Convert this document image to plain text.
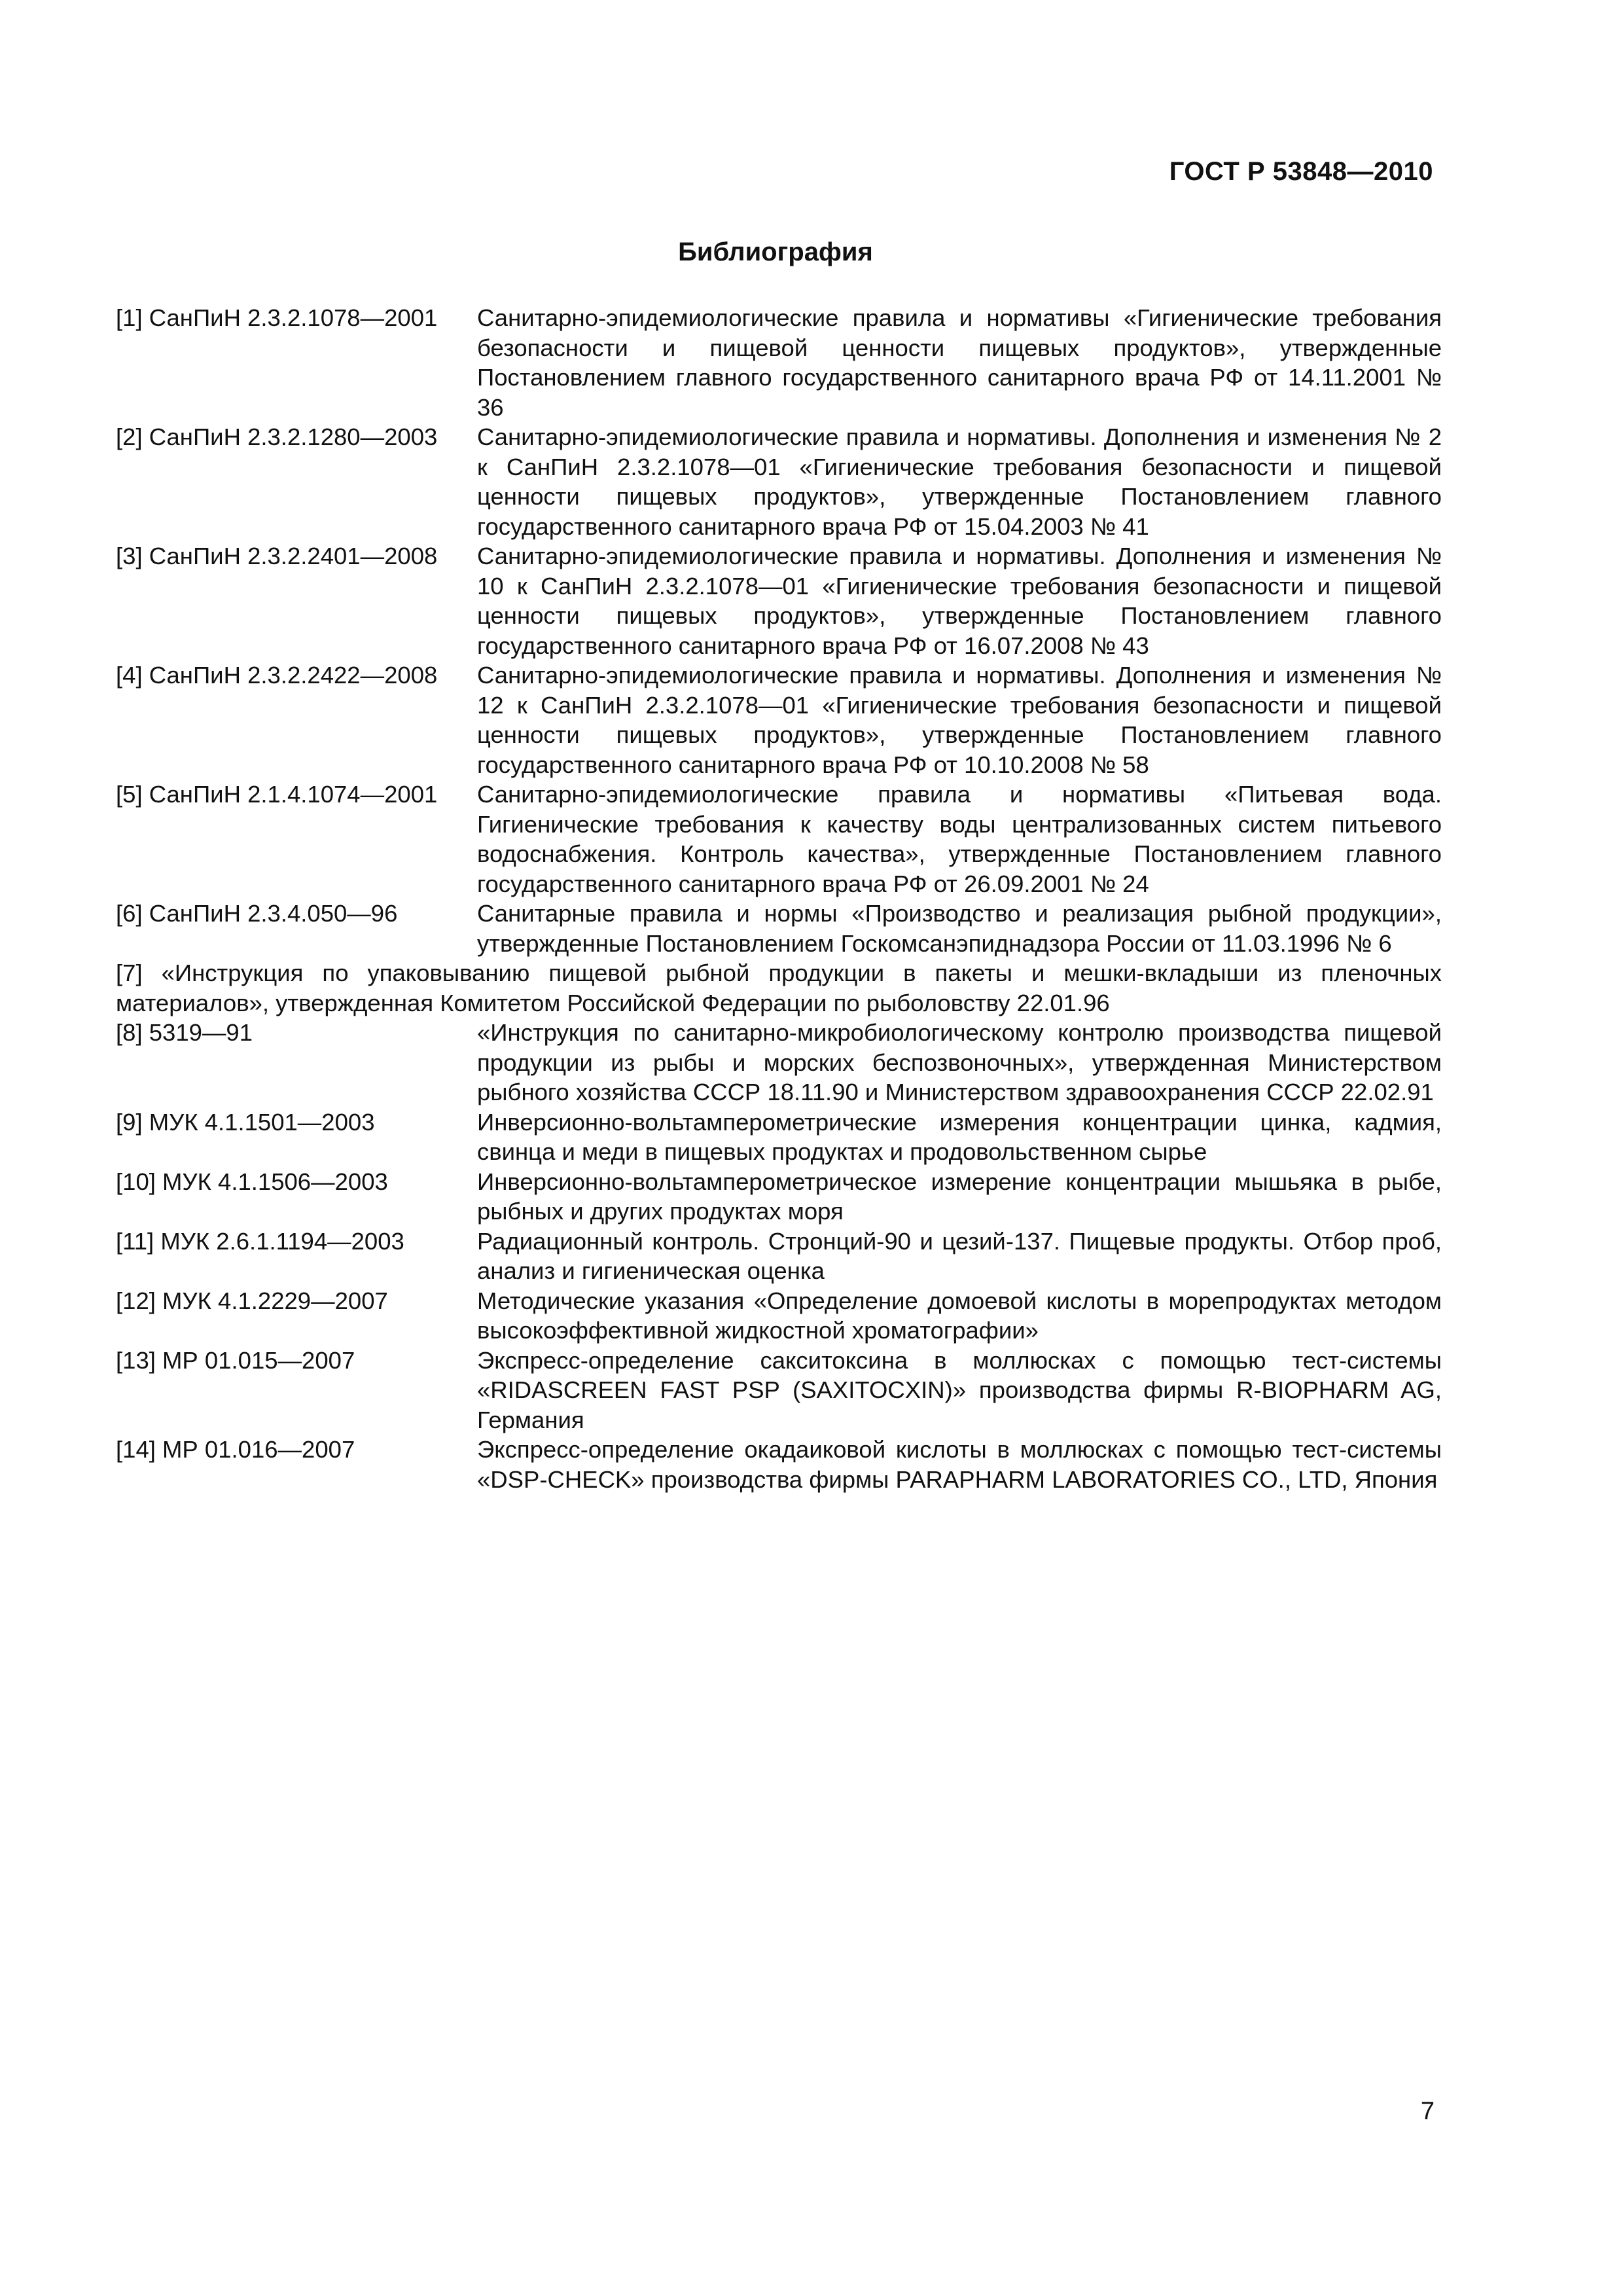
ГОСТ Р 53848—2010
Библиография
[1] СанПиН 2.3.2.1078—2001 Санитарно-эпидемиологические правила и нормативы «Гигиенические требования безопасности и пищевой ценности пищевых продуктов», утвержденные Постановлением главного государственного санитарного врача РФ от 14.11.2001 № 36
[2] СанПиН 2.3.2.1280—2003 Санитарно-эпидемиологические правила и нормативы. Дополнения и изменения № 2 к СанПиН 2.3.2.1078—01 «Гигиенические требования безопасности и пищевой ценности пищевых продуктов», утвержденные Постановлением главного государственного санитарного врача РФ от 15.04.2003 № 41
[3] СанПиН 2.3.2.2401—2008 Санитарно-эпидемиологические правила и нормативы. Дополнения и изменения № 10 к СанПиН 2.3.2.1078—01 «Гигиенические требования безопасности и пищевой ценности пищевых продуктов», утвержденные Постановлением главного государственного санитарного врача РФ от 16.07.2008 № 43
[4] СанПиН 2.3.2.2422—2008 Санитарно-эпидемиологические правила и нормативы. Дополнения и изменения № 12 к СанПиН 2.3.2.1078—01 «Гигиенические требования безопасности и пищевой ценности пищевых продуктов», утвержденные Постановлением главного государственного санитарного врача РФ от 10.10.2008 № 58
[5] СанПиН 2.1.4.1074—2001 Санитарно-эпидемиологические правила и нормативы «Питьевая вода. Гигиенические требования к качеству воды централизованных систем питьевого водоснабжения. Контроль качества», утвержденные Постановлением главного государственного санитарного врача РФ от 26.09.2001 № 24
[6] СанПиН 2.3.4.050—96	Санитарные правила и нормы «Производство и реализация рыбной продукции», утвержденные Постановлением Госкомсанэпиднадзора России от 11.03.1996 № 6
[7] «Инструкция по упаковыванию пищевой рыбной продукции в пакеты и мешки-вкладыши из пленочных материалов», утвержденная Комитетом Российской Федерации по рыболовству 22.01.96
[8] 5319—91	«Инструкция по санитарно-микробиологическому контролю производства пищевой продукции из рыбы и морских беспозвоночных», утвержденная Министерством рыбного хозяйства СССР 18.11.90 и Министерством здравоохранения СССР 22.02.91
[9] МУК 4.1.1501—2003	Инверсионно-вольтамперометрические измерения концентрации цинка, кадмия, свинца и меди в пищевых продуктах и продовольственном сырье
[10] МУК 4.1.1506—2003	Инверсионно-вольтамперометрическое измерение концентрации мышьяка в рыбе, рыбных и других продуктах моря
[11] МУК 2.6.1.1194—2003	Радиационный контроль. Стронций-90 и цезий-137. Пищевые продукты. Отбор проб, анализ и гигиеническая оценка
[12] МУК 4.1.2229—2007	Методические указания «Определение домоевой кислоты в морепродуктах методом высокоэффективной жидкостной хроматографии»
[13] МР 01.015—2007	Экспресс-определение сакситоксина в моллюсках с помощью тест-системы «RIDASCREEN FAST PSP (SAXITOCXIN)» производства фирмы R-BIOPHARM AG, Германия
[14] МР 01.016—2007	Экспресс-определение окадаиковой кислоты в моллюсках с помощью тест-системы «DSP-CHECK» производства фирмы PARAPHARM LABORATORIES CO., LTD, Япония
7
